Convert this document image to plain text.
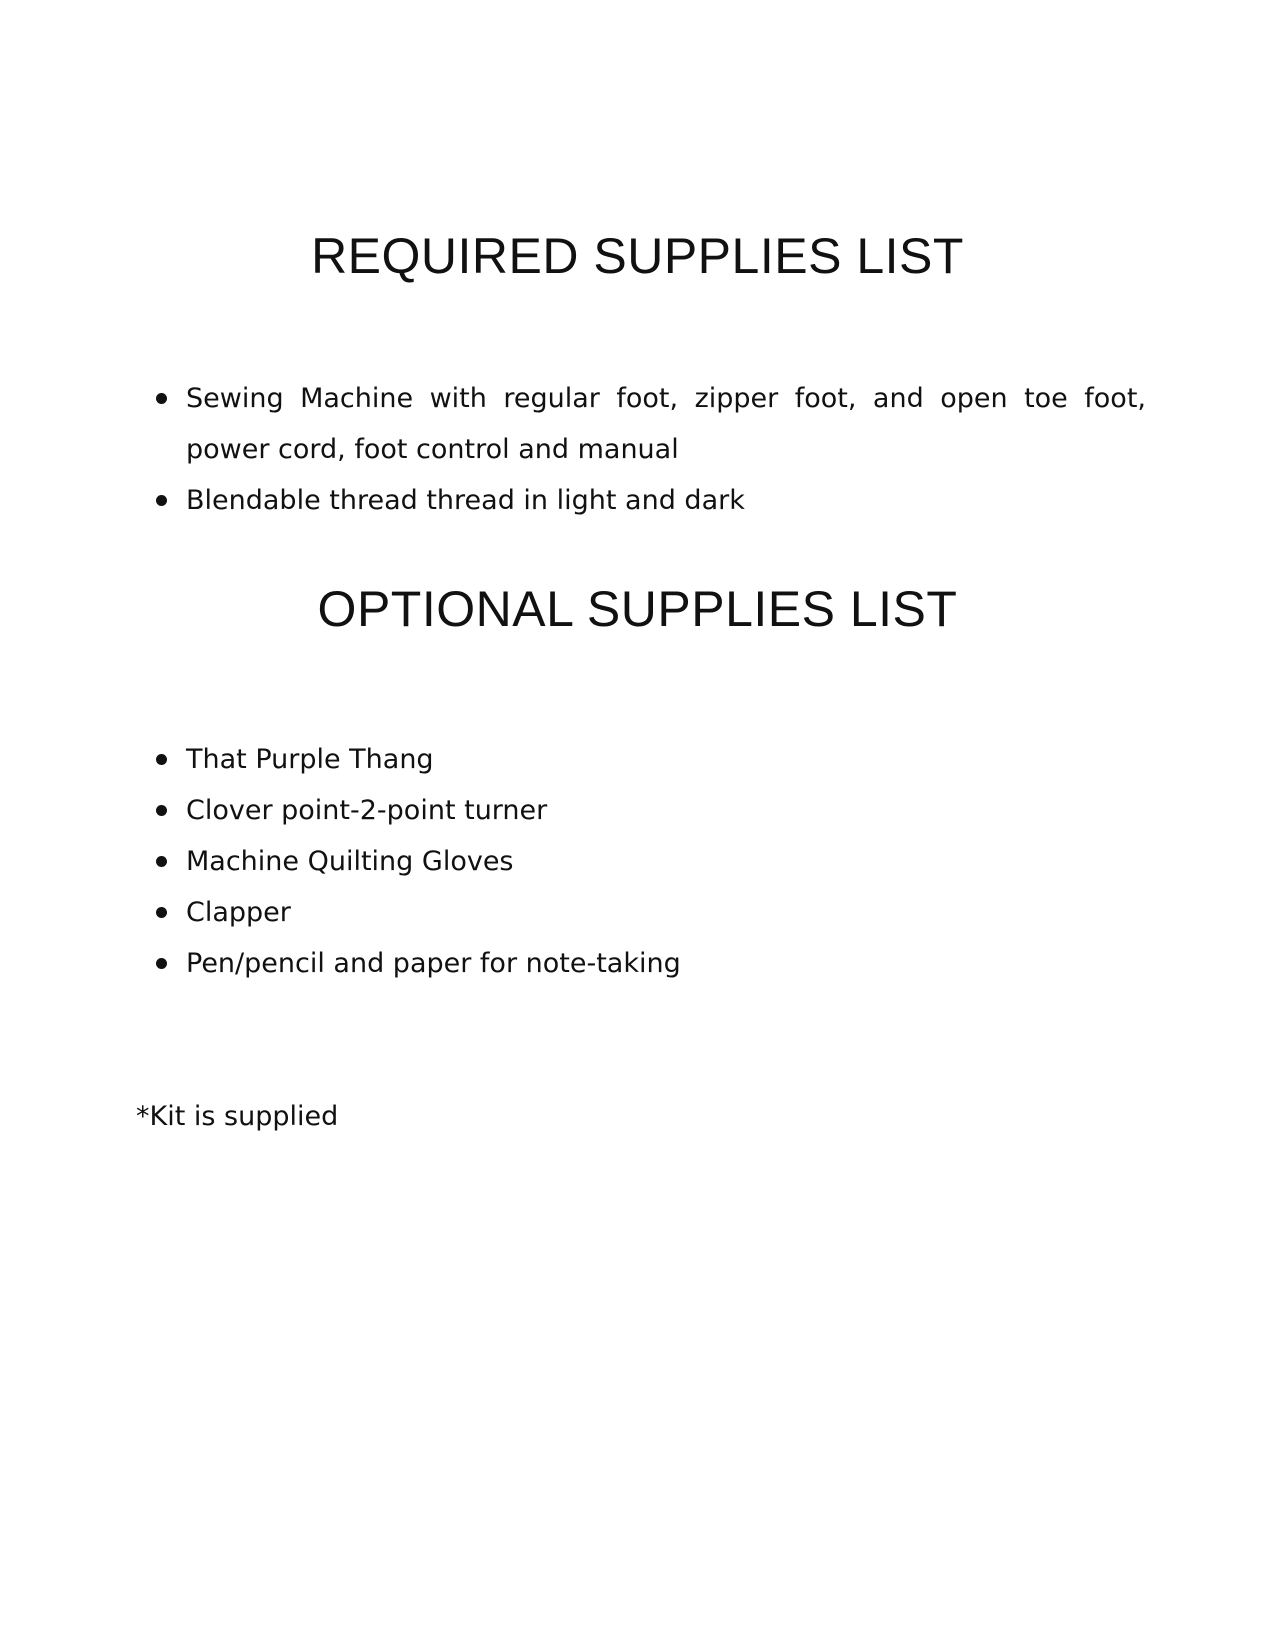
REQUIRED SUPPLIES LIST
Sewing Machine with regular foot, zipper foot, and open toe foot, power cord, foot control and manual
Blendable thread thread in light and dark
OPTIONAL SUPPLIES LIST
That Purple Thang
Clover point-2-point turner
Machine Quilting Gloves
Clapper
Pen/pencil and paper for note-taking

*Kit is supplied
